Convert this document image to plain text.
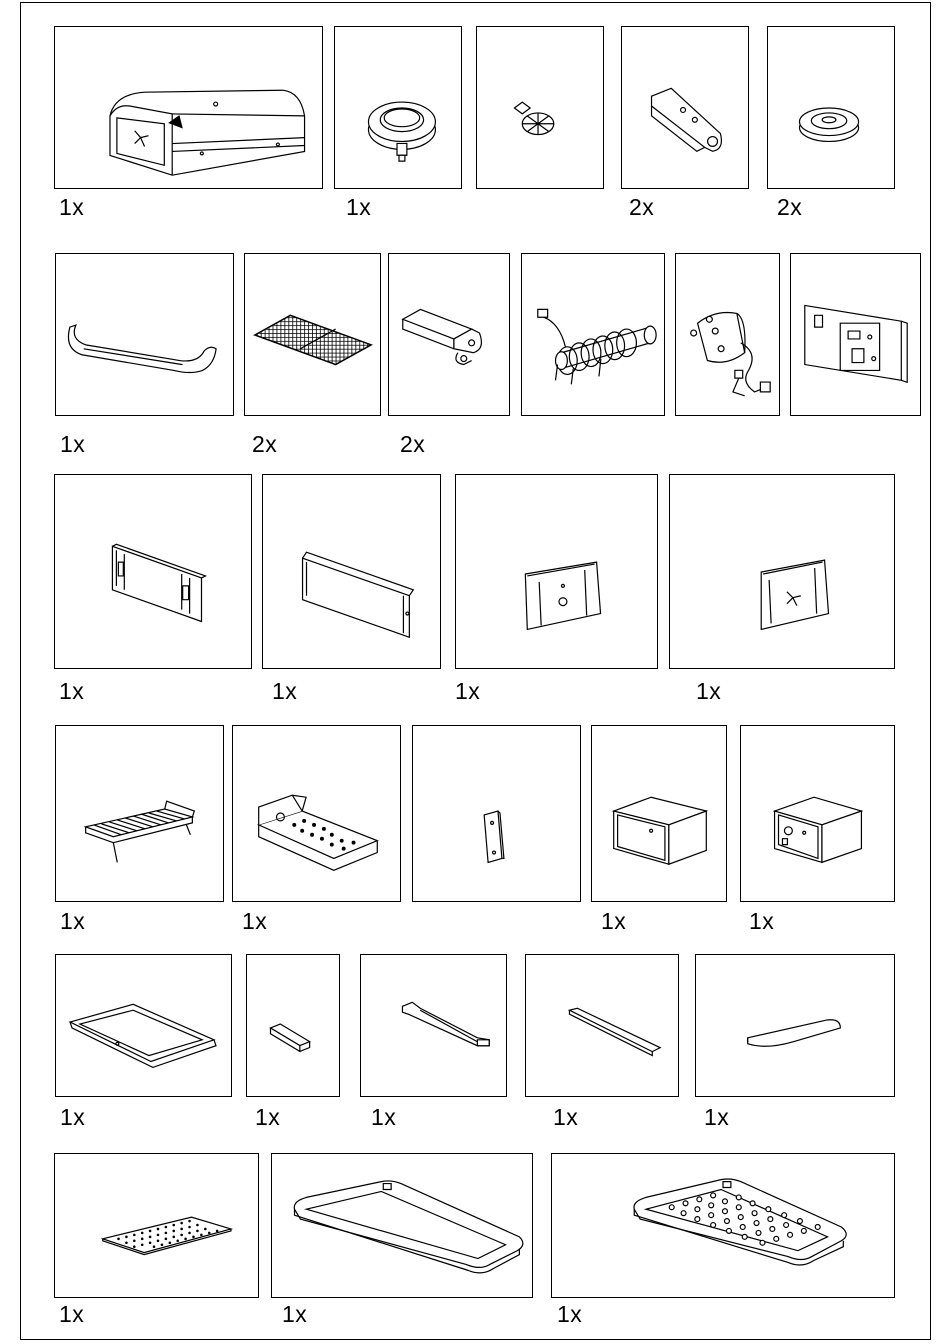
1x	1x	2x	2x
1x	2x	2x
1x	1x	1x	1x
1x	1x	1x	1x
1x	1x	1x	1x	1x
1x	1x	1x
